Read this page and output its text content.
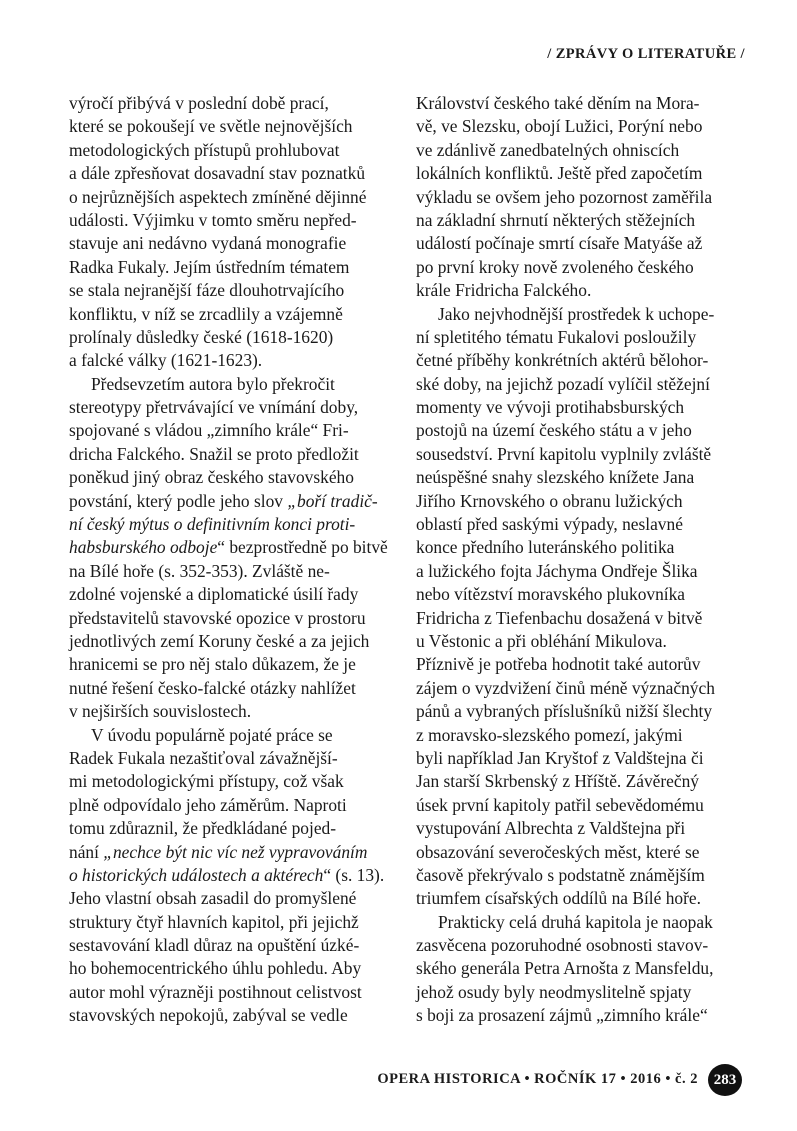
/ ZPRÁVY O LITERATUŘE /
výročí přibývá v poslední době prací,
které se pokoušejí ve světle nejnovějších
metodologických přístupů prohlubovat
a dále zpřesňovat dosavadní stav poznatků
o nejrůznějších aspektech zmíněné dějinné
události. Výjimku v tomto směru nepřed-
stavuje ani nedávno vydaná monografie
Radka Fukaly. Jejím ústředním tématem
se stala nejranější fáze dlouhotrvajícího
konfliktu, v níž se zrcadlily a vzájemně
prolínaly důsledky české (1618-1620)
a falcké války (1621-1623).
Předsevzetím autora bylo překročit
stereotypy přetrvávající ve vnímání doby,
spojované s vládou „zimního krále“ Fri-
dricha Falckého. Snažil se proto předložit
poněkud jiný obraz českého stavovského
povstání, který podle jeho slov „boří tradič-
ní český mýtus o definitivním konci proti-
habsburského odboje“ bezprostředně po bitvě
na Bílé hoře (s. 352-353). Zvláště ne-
zdolné vojenské a diplomatické úsilí řady
představitelů stavovské opozice v prostoru
jednotlivých zemí Koruny české a za jejich
hranicemi se pro něj stalo důkazem, že je
nutné řešení česko-falcké otázky nahlížet
v nejširších souvislostech.
V úvodu populárně pojaté práce se
Radek Fukala nezaštiťoval závažnější-
mi metodologickými přístupy, což však
plně odpovídalo jeho záměrům. Naproti
tomu zdůraznil, že předkládané pojed-
nání „nechce být nic víc než vypravováním
o historických událostech a aktérech“ (s. 13).
Jeho vlastní obsah zasadil do promyšlené
struktury čtyř hlavních kapitol, při jejichž
sestavování kladl důraz na opuštění úzké-
ho bohemocentrického úhlu pohledu. Aby
autor mohl výrazněji postihnout celistvost
stavovských nepokojů, zabýval se vedle
Království českého také děním na Mora-
vě, ve Slezsku, obojí Lužici, Porýní nebo
ve zdánlivě zanedbatelných ohniscích
lokálních konfliktů. Ještě před započetím
výkladu se ovšem jeho pozornost zaměřila
na základní shrnutí některých stěžejních
událostí počínaje smrtí císaře Matyáše až
po první kroky nově zvoleného českého
krále Fridricha Falckého.
Jako nejvhodnější prostředek k uchope-
ní spletitého tématu Fukalovi posloužily
četné příběhy konkrétních aktérů bělohor-
ské doby, na jejichž pozadí vylíčil stěžejní
momenty ve vývoji protihabsburských
postojů na území českého státu a v jeho
sousedství. První kapitolu vyplnily zvláště
neúspěšné snahy slezského knížete Jana
Jiřího Krnovského o obranu lužických
oblastí před saskými výpady, neslavné
konce předního luteránského politika
a lužického fojta Jáchyma Ondřeje Šlika
nebo vítězství moravského plukovníka
Fridricha z Tiefenbachu dosažená v bitvě
u Věstonic a při obléhání Mikulova.
Příznivě je potřeba hodnotit také autorův
zájem o vyzdvižení činů méně význačných
pánů a vybraných příslušníků nižší šlechty
z moravsko-slezského pomezí, jakými
byli například Jan Kryštof z Valdštejna či
Jan starší Skrbenský z Hříště. Závěrečný
úsek první kapitoly patřil sebevědomému
vystupování Albrechta z Valdštejna při
obsazování severočeských měst, které se
časově překrývalo s podstatně známějším
triumfem císařských oddílů na Bílé hoře.
Prakticky celá druhá kapitola je naopak
zasvěcena pozoruhodné osobnosti stavov-
ského generála Petra Arnošta z Mansfeldu,
jehož osudy byly neodmyslitelně spjaty
s boji za prosazení zájmů „zimního krále“
OPERA HISTORICA • ROČNÍK 17 • 2016 • č. 2	283
